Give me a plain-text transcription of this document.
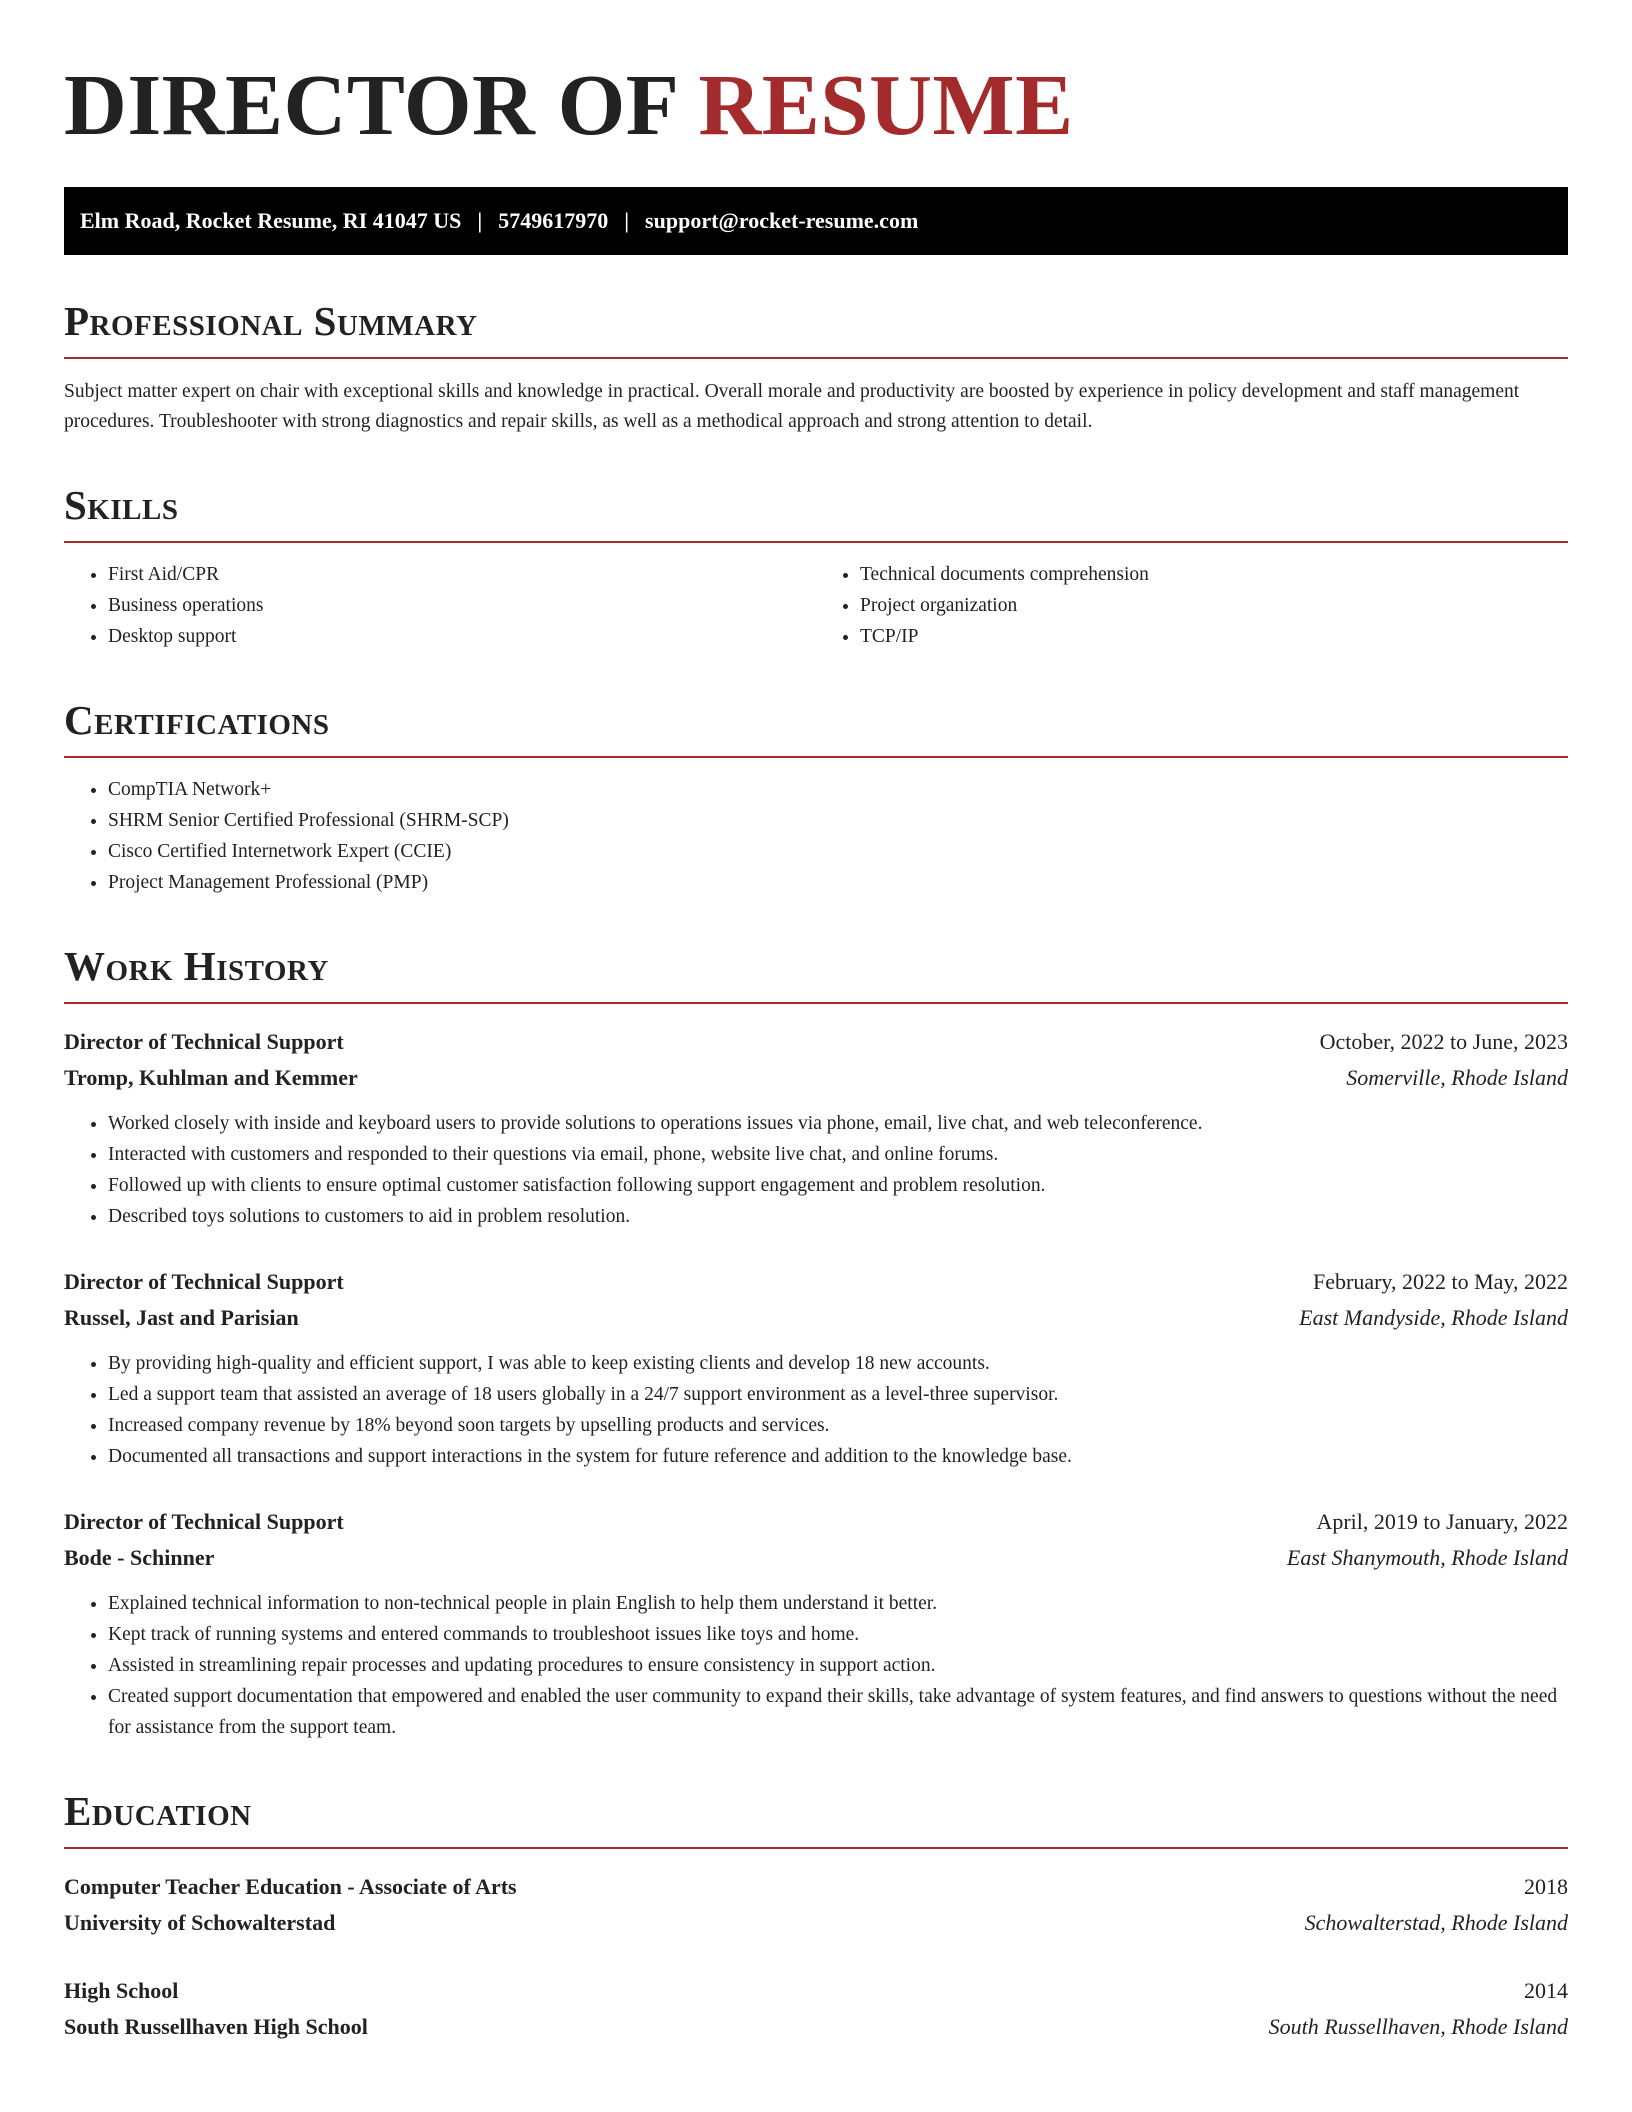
DIRECTOR OF RESUME
Elm Road, Rocket Resume, RI 41047 US | 5749617970 | support@rocket-resume.com
Professional Summary

Subject matter expert on chair with exceptional skills and knowledge in practical. Overall morale and productivity are boosted by experience in policy development and staff management procedures. Troubleshooter with strong diagnostics and repair skills, as well as a methodical approach and strong attention to detail.

Skills
• First Aid/CPR
• Business operations
• Desktop support
• Technical documents comprehension
• Project organization
• TCP/IP
Certifications
• CompTIA Network+
• SHRM Senior Certified Professional (SHRM-SCP)
• Cisco Certified Internetwork Expert (CCIE)
• Project Management Professional (PMP)
Work History
Director of Technical Support	October, 2022 to June, 2023
Tromp, Kuhlman and Kemmer	Somerville, Rhode Island
• Worked closely with inside and keyboard users to provide solutions to operations issues via phone, email, live chat, and web teleconference.
• Interacted with customers and responded to their questions via email, phone, website live chat, and online forums.
• Followed up with clients to ensure optimal customer satisfaction following support engagement and problem resolution.
• Described toys solutions to customers to aid in problem resolution.
Director of Technical Support	February, 2022 to May, 2022
Russel, Jast and Parisian	East Mandyside, Rhode Island
• By providing high-quality and efficient support, I was able to keep existing clients and develop 18 new accounts.
• Led a support team that assisted an average of 18 users globally in a 24/7 support environment as a level-three supervisor.
• Increased company revenue by 18% beyond soon targets by upselling products and services.
• Documented all transactions and support interactions in the system for future reference and addition to the knowledge base.
Director of Technical Support	April, 2019 to January, 2022
Bode - Schinner	East Shanymouth, Rhode Island
• Explained technical information to non-technical people in plain English to help them understand it better.
• Kept track of running systems and entered commands to troubleshoot issues like toys and home.
• Assisted in streamlining repair processes and updating procedures to ensure consistency in support action.
• Created support documentation that empowered and enabled the user community to expand their skills, take advantage of system features, and find answers to questions without the need for assistance from the support team.
Education
Computer Teacher Education - Associate of Arts	2018
University of Schowalterstad	Schowalterstad, Rhode Island
High School	2014
South Russellhaven High School	South Russellhaven, Rhode Island
